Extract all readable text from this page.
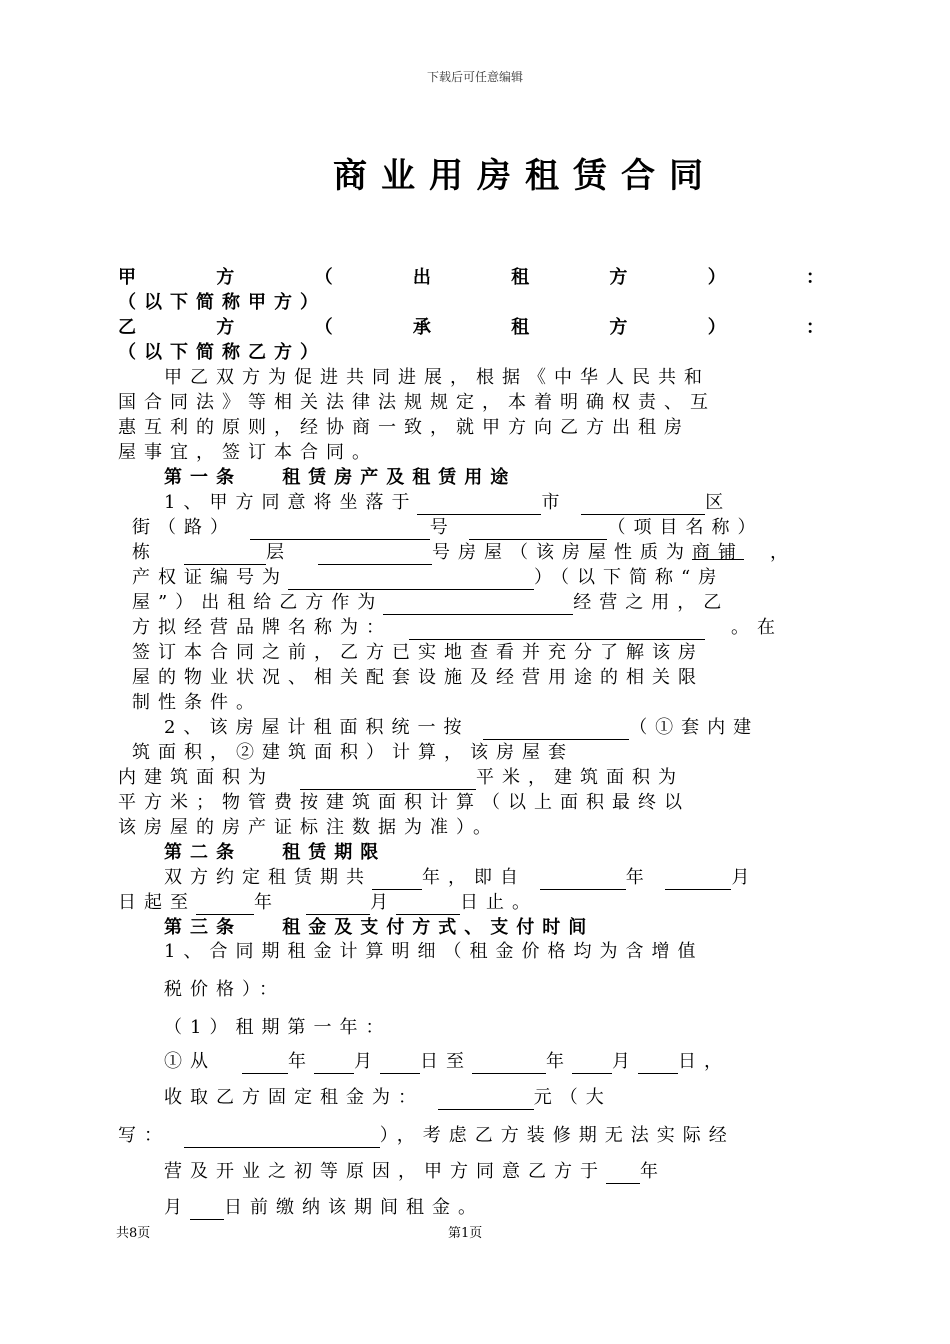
下载后可任意编辑
商业用房租赁合同
甲	方	（	出	租	方	）	：
（以下简称甲方）
乙	方	（	承	租	方	）	：
（以下简称乙方）
甲乙双方为促进共同进展，根据《中华人民共和
国合同法》等相关法律法规规定，本着明确权责、互
惠互利的原则，经协商一致，就甲方向乙方出租房
屋事宜，签订本合同。
第一条　 租赁房产及租赁用途
1、甲方同意将坐落于	市	区
街（路）	号	（项目名称）
栋　	层　	号房屋（该房屋性质为商铺　 ，
产权证编号为	）（以下简称“房
屋”）出租给乙方作为	经营之用，乙
方拟经营品牌名称为：　　	。在
签订本合同之前，乙方已实地查看并充分了解该房
屋的物业状况、相关配套设施及经营用途的相关限
制性条件。
2、该房屋计租面积统一按	（①套内建
筑面积，②建筑面积）计算，该房屋套
内建筑面积为　	平米，建筑面积为
平方米；物管费按建筑面积计算（以上面积最终以
该房屋的房产证标注数据为准）。
第二条　 租赁期限
双方约定租赁期共	年，即自	年	月
日起至	年　	月	日止。
第三条　 租金及支付方式、支付时间
1、合同期租金计算明细（租金价格均为含增值
税价格）：
（1）租期第一年：
①从　	年 月 日至	年 月 日，
收取乙方固定租金为：	元（大
写：	），考虑乙方装修期无法实际经
营及开业之初等原因，甲方同意乙方于 年
月 日前缴纳该期间租金。
共8页	第1页
